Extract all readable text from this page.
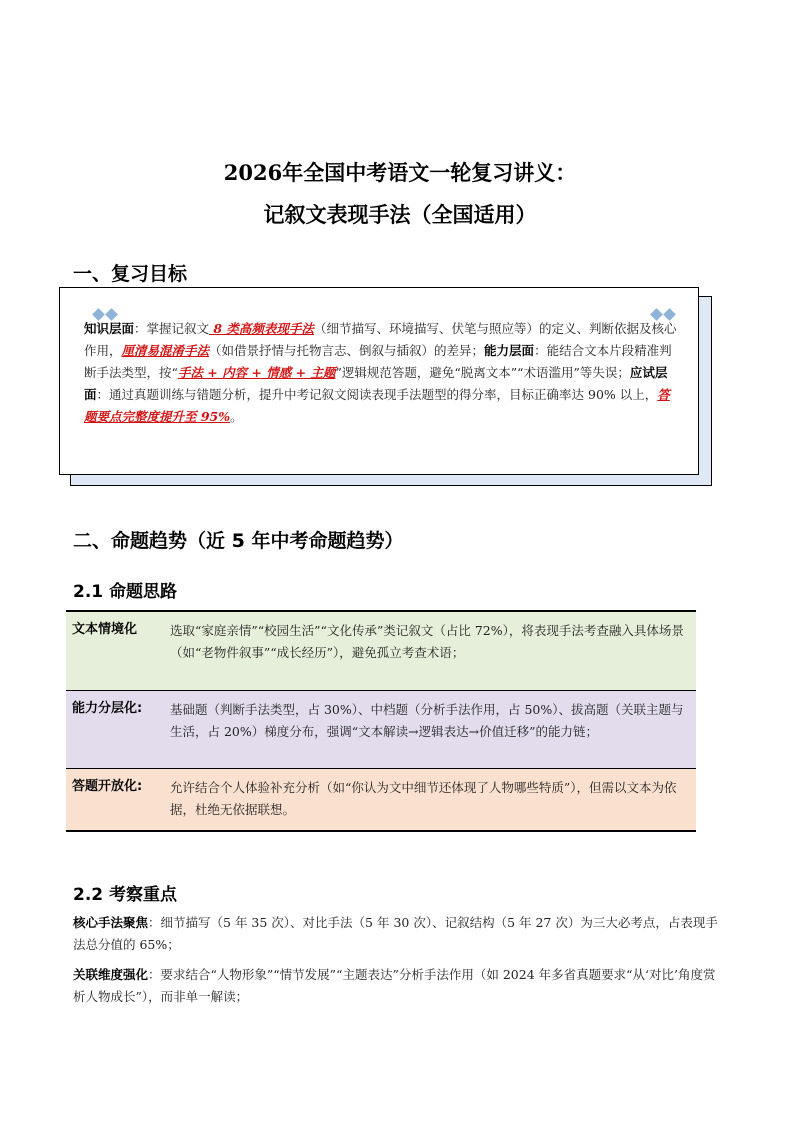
2026年全国中考语文一轮复习讲义：
记叙文表现手法（全国适用）
一、复习目标
知识层面：掌握记叙文 8 类高频表现手法（细节描写、环境描写、伏笔与照应等）的定义、判断依据及核心作用，厘清易混淆手法（如借景抒情与托物言志、倒叙与插叙）的差异；能力层面：能结合文本片段精准判断手法类型，按“手法 + 内容 + 情感 + 主题”逻辑规范答题，避免“脱离文本”“术语滥用”等失误；应试层面：通过真题训练与错题分析，提升中考记叙文阅读表现手法题型的得分率，目标正确率达 90% 以上，答题要点完整度提升至 95%。
二、命题趋势（近 5 年中考命题趋势）
2.1 命题思路
文本情境化	选取“家庭亲情”“校园生活”“文化传承”类记叙文（占比 72%），将表现手法考查融入具体场景（如“老物件叙事”“成长经历”），避免孤立考查术语；
能力分层化:	基础题（判断手法类型，占 30%）、中档题（分析手法作用，占 50%）、拔高题（关联主题与生活，占 20%）梯度分布，强调“文本解读→逻辑表达→价值迁移”的能力链；
答题开放化:	允许结合个人体验补充分析（如“你认为文中细节还体现了人物哪些特质”），但需以文本为依据，杜绝无依据联想。
2.2 考察重点
核心手法聚焦：细节描写（5 年 35 次）、对比手法（5 年 30 次）、记叙结构（5 年 27 次）为三大必考点，占表现手法总分值的 65%；
关联维度强化：要求结合“人物形象”“情节发展”“主题表达”分析手法作用（如 2024 年多省真题要求“从‘对比’角度赏析人物成长”），而非单一解读；
